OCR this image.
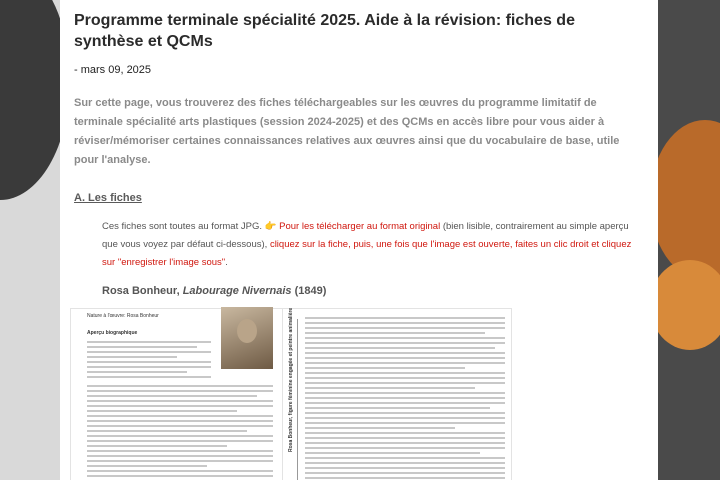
Programme terminale spécialité 2025. Aide à la révision: fiches de synthèse et QCMs
- mars 09, 2025

Sur cette page, vous trouverez des fiches téléchargeables sur les œuvres du programme limitatif de terminale spécialité arts plastiques (session 2024-2025) et des QCMs en accès libre pour vous aider à réviser/mémoriser certaines connaissances relatives aux œuvres ainsi que du vocabulaire de base, utile pour l'analyse.

A. Les fiches

Ces fiches sont toutes au format JPG. 👉 Pour les télécharger au format original (bien lisible, contrairement au simple aperçu que vous voyez par défaut ci-dessous), cliquez sur la fiche, puis, une fois que l'image est ouverte, faites un clic droit et cliquez sur "enregistrer l'image sous".

Rosa Bonheur, Labourage Nivernais (1849)
Nature à l'œuvre: Rosa Bonheur
Aperçu biographique	Rosa Bonheur, figure féminine engagée et peintre animalière
